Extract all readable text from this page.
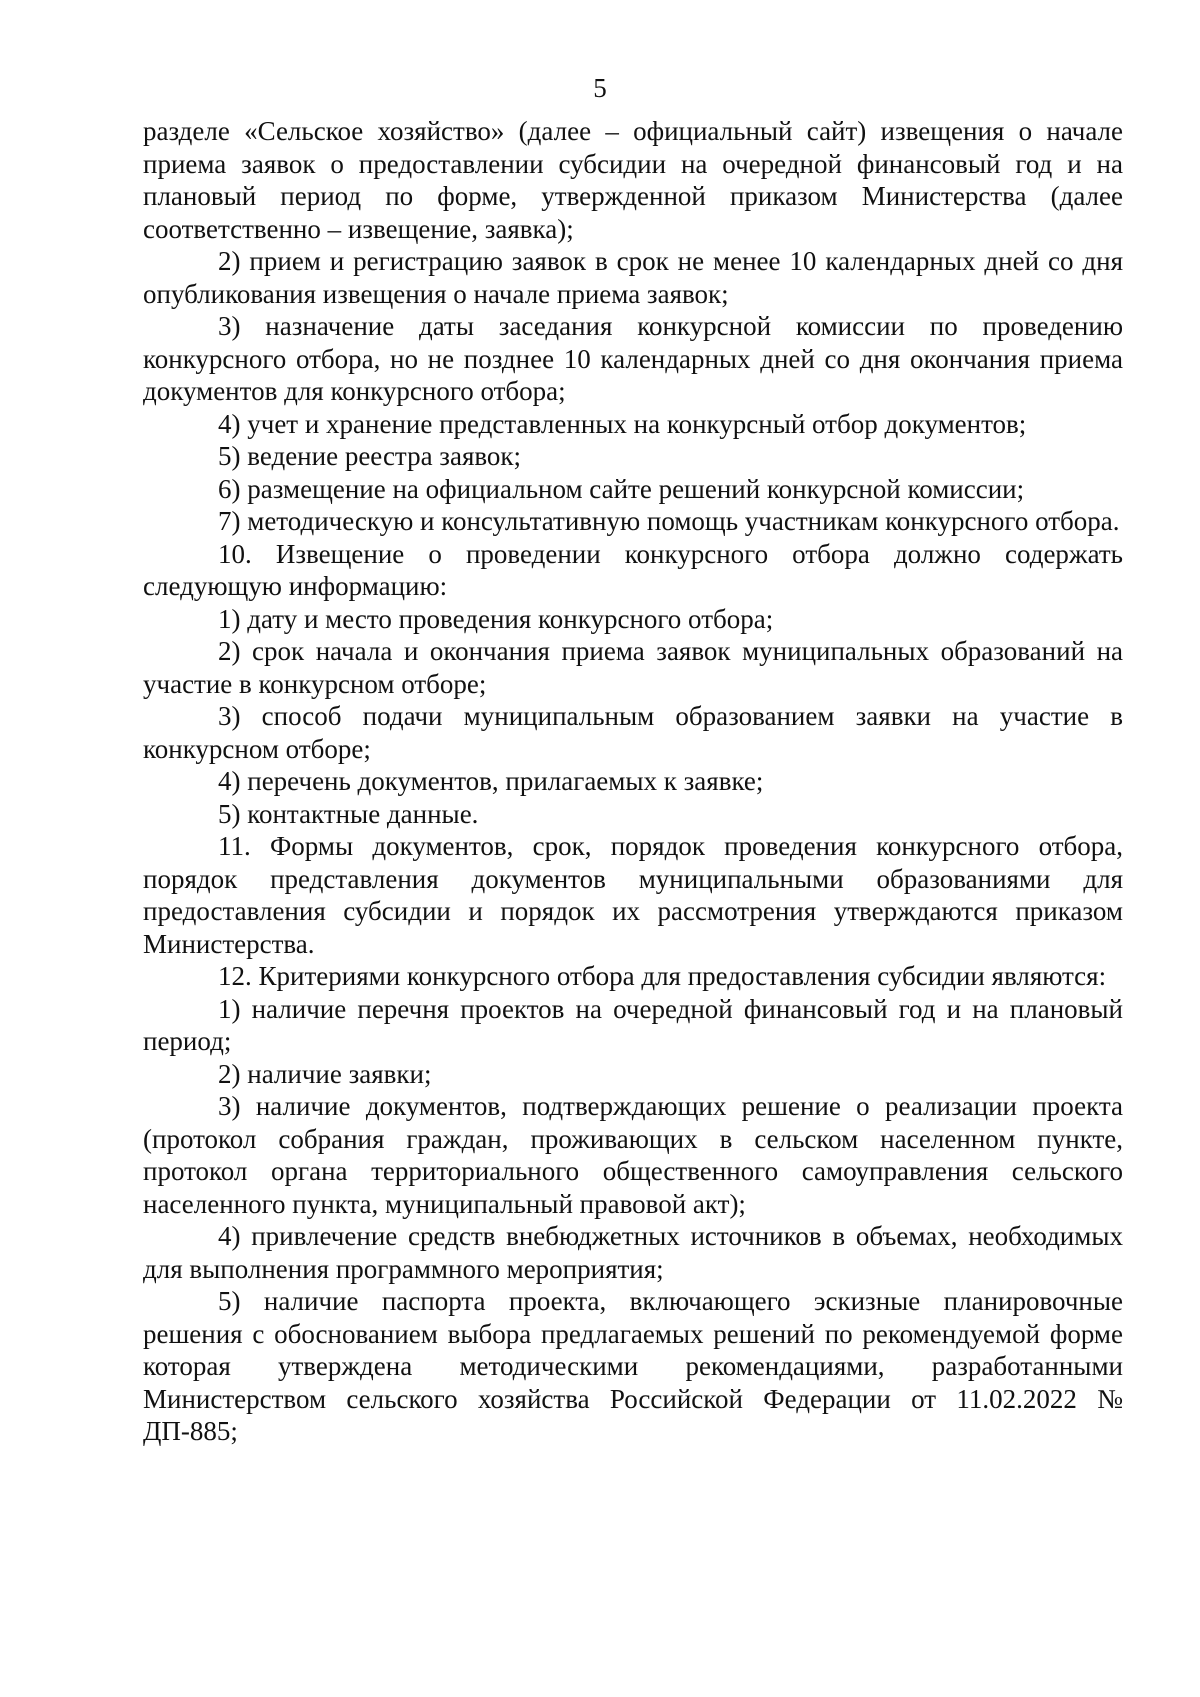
5

разделе «Сельское хозяйство» (далее – официальный сайт) извещения о начале приема заявок о предоставлении субсидии на очередной финансовый год и на плановый период по форме, утвержденной приказом Министерства (далее соответственно – извещение, заявка);

2) прием и регистрацию заявок в срок не менее 10 календарных дней со дня опубликования извещения о начале приема заявок;

3) назначение даты заседания конкурсной комиссии по проведению конкурсного отбора, но не позднее 10 календарных дней со дня окончания приема документов для конкурсного отбора;

4) учет и хранение представленных на конкурсный отбор документов;

5) ведение реестра заявок;

6) размещение на официальном сайте решений конкурсной комиссии;

7) методическую и консультативную помощь участникам конкурсного отбора.

10. Извещение о проведении конкурсного отбора должно содержать следующую информацию:

1) дату и место проведения конкурсного отбора;

2) срок начала и окончания приема заявок муниципальных образований на участие в конкурсном отборе;

3) способ подачи муниципальным образованием заявки на участие в конкурсном отборе;

4) перечень документов, прилагаемых к заявке;

5) контактные данные.

11. Формы документов, срок, порядок проведения конкурсного отбора, порядок представления документов муниципальными образованиями для предоставления субсидии и порядок их рассмотрения утверждаются приказом Министерства.

12. Критериями конкурсного отбора для предоставления субсидии являются:

1) наличие перечня проектов на очередной финансовый год и на плановый период;

2) наличие заявки;

3) наличие документов, подтверждающих решение о реализации проекта (протокол собрания граждан, проживающих в сельском населенном пункте, протокол органа территориального общественного самоуправления сельского населенного пункта, муниципальный правовой акт);

4) привлечение средств внебюджетных источников в объемах, необходимых для выполнения программного мероприятия;

5) наличие паспорта проекта, включающего эскизные планировочные решения с обоснованием выбора предлагаемых решений по рекомендуемой форме которая утверждена методическими рекомендациями, разработанными Министерством сельского хозяйства Российской Федерации от 11.02.2022 № ДП-885;
